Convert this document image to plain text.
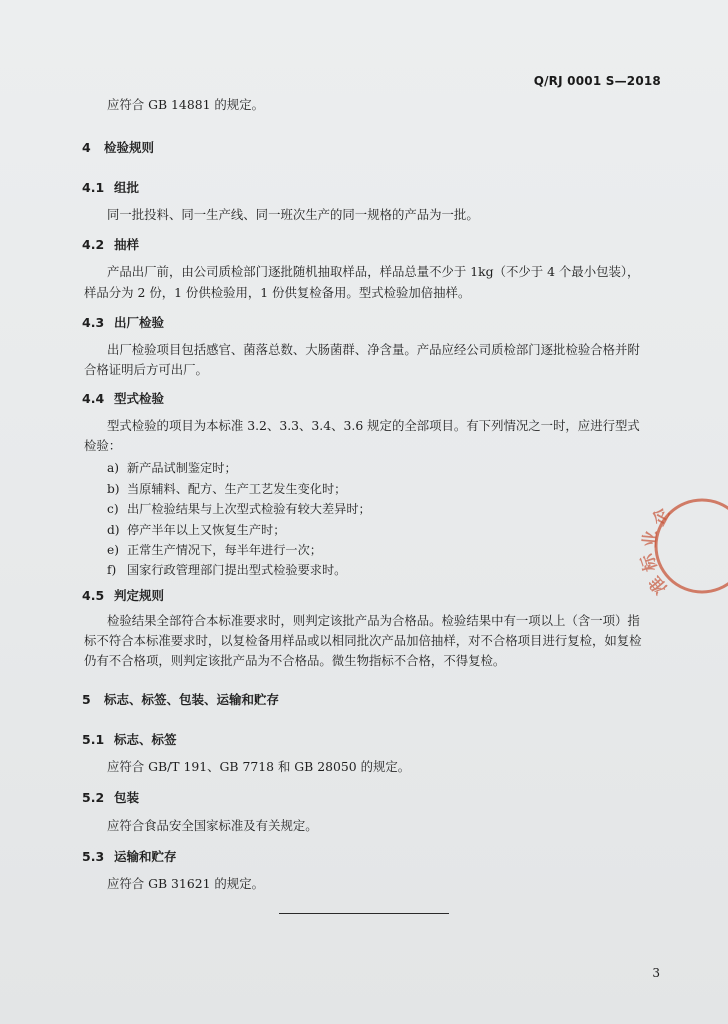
Q/RJ 0001 S—2018
应符合 GB 14881 的规定。
4 检验规则
4.1 组批
同一批投料、同一生产线、同一班次生产的同一规格的产品为一批。
4.2 抽样
产品出厂前，由公司质检部门逐批随机抽取样品，样品总量不少于 1kg（不少于 4 个最小包装），
样品分为 2 份，1 份供检验用，1 份供复检备用。型式检验加倍抽样。
4.3 出厂检验
出厂检验项目包括感官、菌落总数、大肠菌群、净含量。产品应经公司质检部门逐批检验合格并附
合格证明后方可出厂。
4.4 型式检验
型式检验的项目为本标准 3.2、3.3、3.4、3.6 规定的全部项目。有下列情况之一时，应进行型式
检验：
a) 新产品试制鉴定时；
b) 当原辅料、配方、生产工艺发生变化时；
c) 出厂检验结果与上次型式检验有较大差异时；
d) 停产半年以上又恢复生产时；
e) 正常生产情况下，每半年进行一次；
f) 国家行政管理部门提出型式检验要求时。
4.5 判定规则
检验结果全部符合本标准要求时，则判定该批产品为合格品。检验结果中有一项以上（含一项）指
标不符合本标准要求时，以复检备用样品或以相同批次产品加倍抽样，对不合格项目进行复检，如复检
仍有不合格项，则判定该批产品为不合格品。微生物指标不合格，不得复检。
5 标志、标签、包装、运输和贮存
5.1 标志、标签
应符合 GB/T 191、GB 7718 和 GB 28050 的规定。
5.2 包装
应符合食品安全国家标准及有关规定。
5.3 运输和贮存
应符合 GB 31621 的规定。
3
企
业
标
准
